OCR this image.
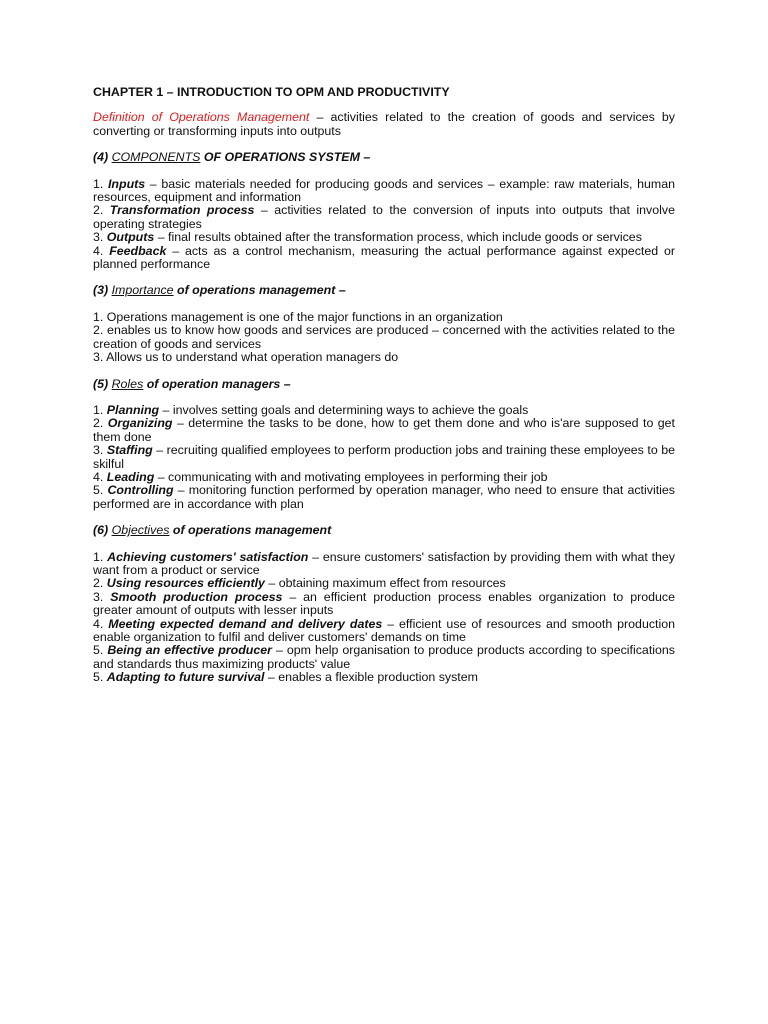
CHAPTER 1 – INTRODUCTION TO OPM AND PRODUCTIVITY

Definition of Operations Management – activities related to the creation of goods and services by converting or transforming inputs into outputs

(4) COMPONENTS OF OPERATIONS SYSTEM –

1. Inputs – basic materials needed for producing goods and services – example: raw materials, human resources, equipment and information
2. Transformation process – activities related to the conversion of inputs into outputs that involve operating strategies
3. Outputs – final results obtained after the transformation process, which include goods or services
4. Feedback – acts as a control mechanism, measuring the actual performance against expected or planned performance

(3) Importance of operations management –

1. Operations management is one of the major functions in an organization
2. enables us to know how goods and services are produced – concerned with the activities related to the creation of goods and services
3. Allows us to understand what operation managers do

(5) Roles of operation managers –

1. Planning – involves setting goals and determining ways to achieve the goals
2. Organizing – determine the tasks to be done, how to get them done and who is'are supposed to get them done
3. Staffing – recruiting qualified employees to perform production jobs and training these employees to be skilful
4. Leading – communicating with and motivating employees in performing their job
5. Controlling – monitoring function performed by operation manager, who need to ensure that activities performed are in accordance with plan

(6) Objectives of operations management

1. Achieving customers' satisfaction – ensure customers' satisfaction by providing them with what they want from a product or service
2. Using resources efficiently – obtaining maximum effect from resources
3. Smooth production process – an efficient production process enables organization to produce greater amount of outputs with lesser inputs
4. Meeting expected demand and delivery dates – efficient use of resources and smooth production enable organization to fulfil and deliver customers' demands on time
5. Being an effective producer – opm help organisation to produce products according to specifications and standards thus maximizing products' value
5. Adapting to future survival – enables a flexible production system
